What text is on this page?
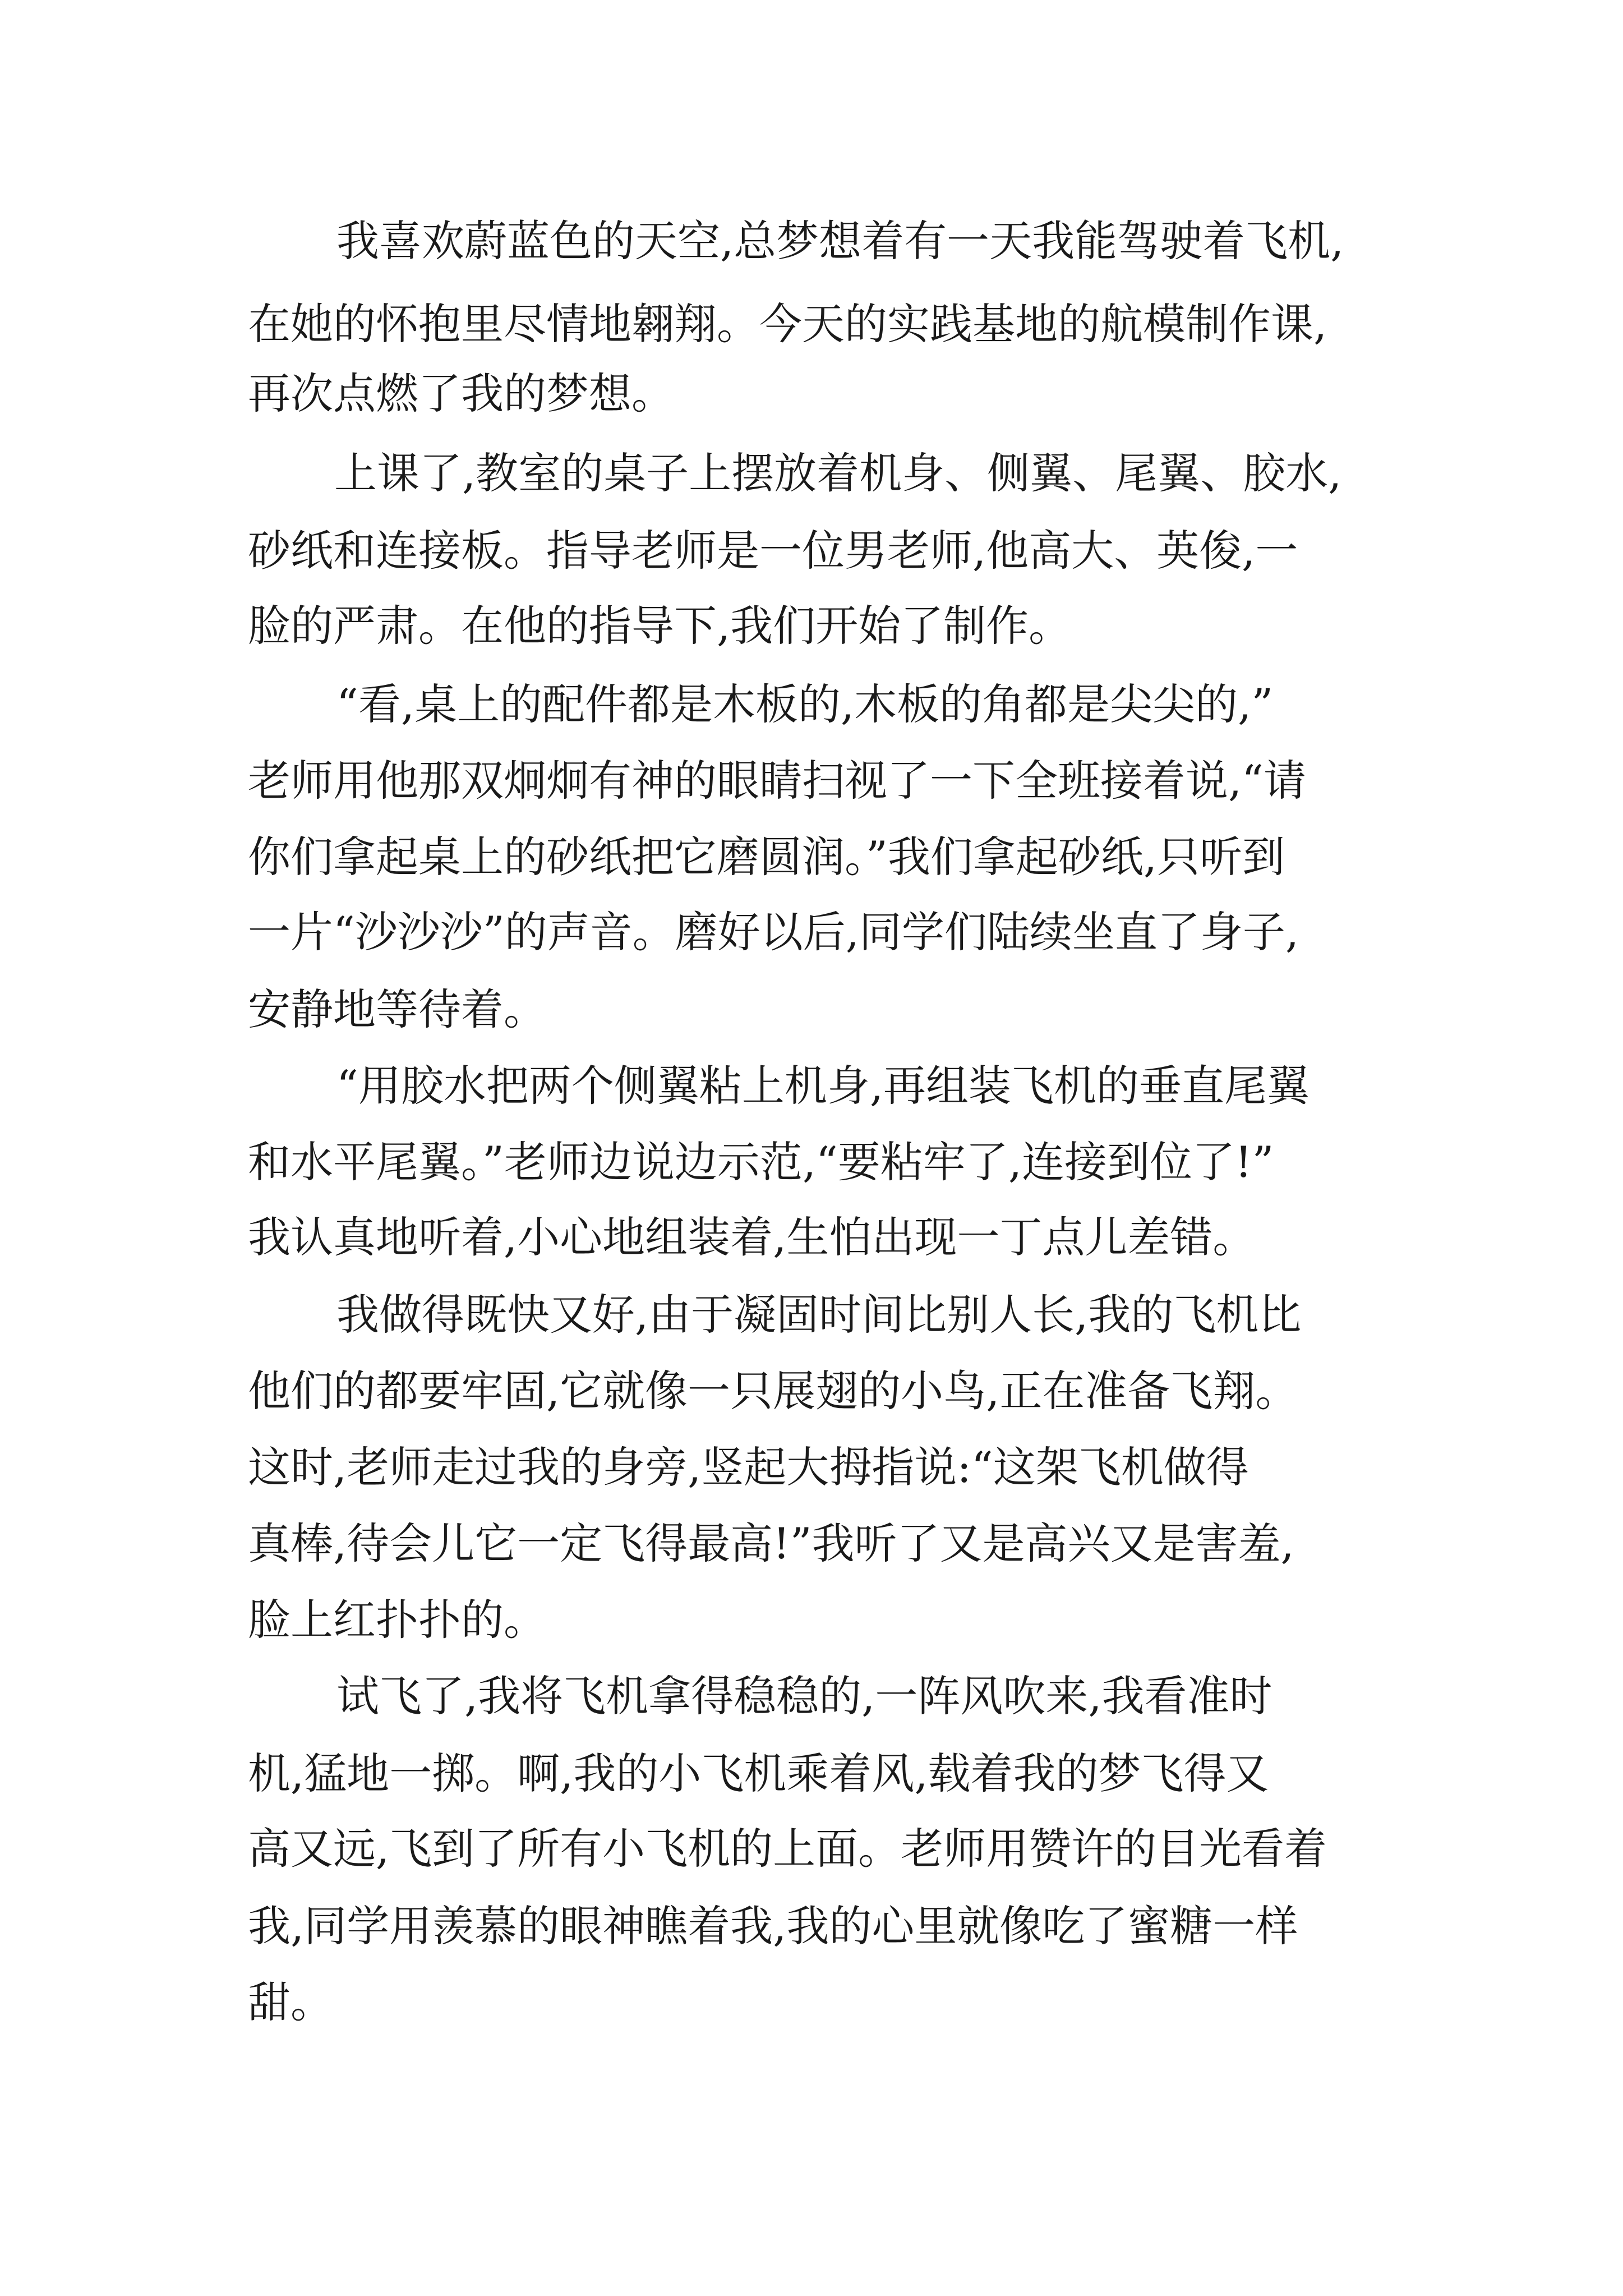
我喜欢蔚蓝色的天空,总梦想着有一天我能驾驶着飞机,

在她的怀抱里尽情地翱翔。今天的实践基地的航模制作课,

再次点燃了我的梦想。

上课了,教室的桌子上摆放着机身、侧翼、尾翼、胶水,

砂纸和连接板。指导老师是一位男老师,他高大、英俊,一

脸的严肃。在他的指导下,我们开始了制作。

“看,桌上的配件都是木板的,木板的角都是尖尖的,”

老师用他那双炯炯有神的眼睛扫视了一下全班接着说,“请

你们拿起桌上的砂纸把它磨圆润。”我们拿起砂纸,只听到

一片“沙沙沙”的声音。磨好以后,同学们陆续坐直了身子,

安静地等待着。

“用胶水把两个侧翼粘上机身,再组装飞机的垂直尾翼

和水平尾翼。”老师边说边示范,“要粘牢了,连接到位了!”

我认真地听着,小心地组装着,生怕出现一丁点儿差错。

我做得既快又好,由于凝固时间比别人长,我的飞机比

他们的都要牢固,它就像一只展翅的小鸟,正在准备飞翔。

这时,老师走过我的身旁,竖起大拇指说:“这架飞机做得

真棒,待会儿它一定飞得最高!”我听了又是高兴又是害羞,

脸上红扑扑的。

试飞了,我将飞机拿得稳稳的,一阵风吹来,我看准时

机,猛地一掷。啊,我的小飞机乘着风,载着我的梦飞得又

高又远,飞到了所有小飞机的上面。老师用赞许的目光看着

我,同学用羡慕的眼神瞧着我,我的心里就像吃了蜜糖一样

甜。
